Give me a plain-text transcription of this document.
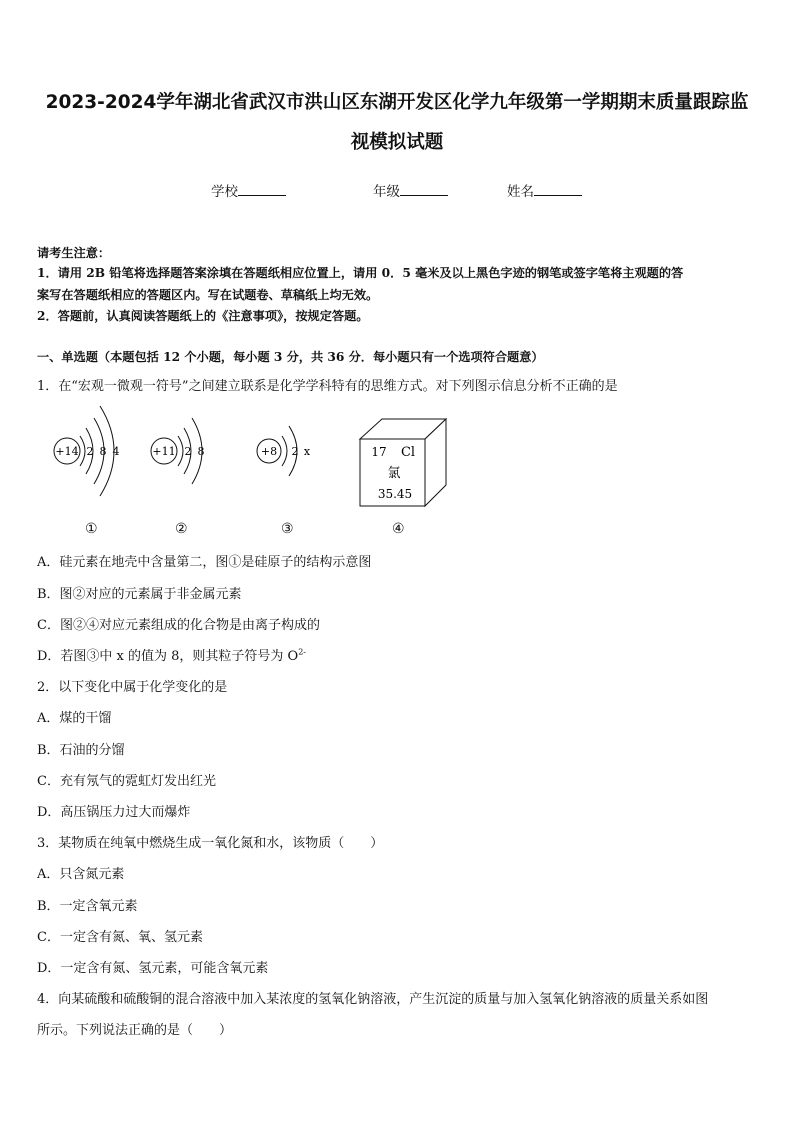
2023-2024学年湖北省武汉市洪山区东湖开发区化学九年级第一学期期末质量跟踪监
视模拟试题
学校	年级	姓名
请考生注意：
1．请用 2B 铅笔将选择题答案涂填在答题纸相应位置上，请用 0．5 毫米及以上黑色字迹的钢笔或签字笔将主观题的答
案写在答题纸相应的答题区内。写在试题卷、草稿纸上均无效。
2．答题前，认真阅读答题纸上的《注意事项》，按规定答题。
一、单选题（本题包括 12 个小题，每小题 3 分，共 36 分．每小题只有一个选项符合题意）
1．在“宏观一微观一符号”之间建立联系是化学学科特有的思维方式。对下列图示信息分析不正确的是
+14 2 8 4	+11 2 8	+8 2 x	17 Cl
氯
35.45
①	②	③	④
A．硅元素在地壳中含量第二，图①是硅原子的结构示意图
B．图②对应的元素属于非金属元素
C．图②④对应元素组成的化合物是由离子构成的
D．若图③中 x 的值为 8，则其粒子符号为 $O^{2-}$
2．以下变化中属于化学变化的是
A．煤的干馏
B．石油的分馏
C．充有氖气的霓虹灯发出红光
D．高压锅压力过大而爆炸
3．某物质在纯氧中燃烧生成一氧化氮和水，该物质（　　）
A．只含氮元素
B．一定含氧元素
C．一定含有氮、氧、氢元素
D．一定含有氮、氢元素，可能含氧元素
4．向某硫酸和硫酸铜的混合溶液中加入某浓度的氢氧化钠溶液，产生沉淀的质量与加入氢氧化钠溶液的质量关系如图
所示。下列说法正确的是（　　）
